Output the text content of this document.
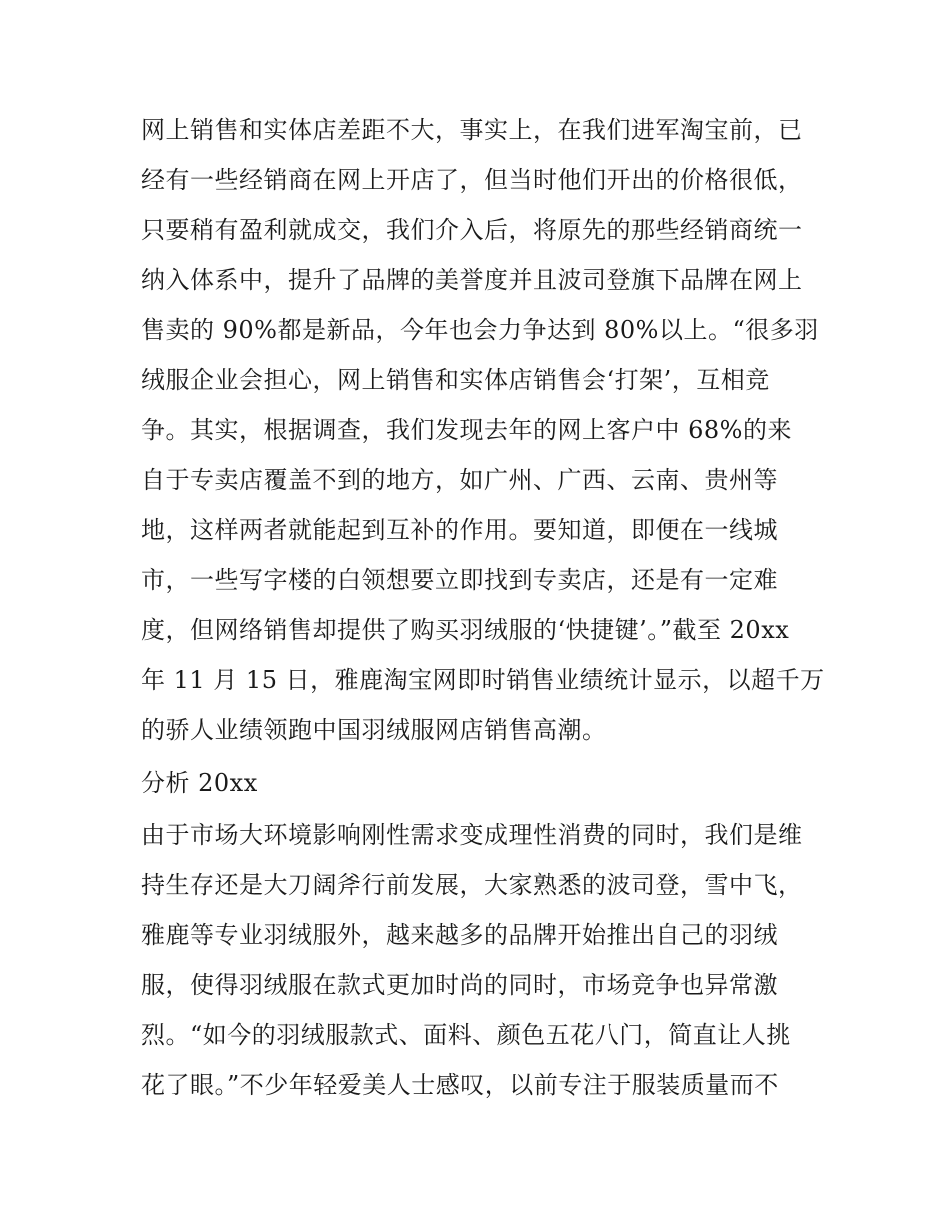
网上销售和实体店差距不大，事实上，在我们进军淘宝前，已

经有一些经销商在网上开店了，但当时他们开出的价格很低，

只要稍有盈利就成交，我们介入后，将原先的那些经销商统一

纳入体系中，提升了品牌的美誉度并且波司登旗下品牌在网上

售卖的 90%都是新品，今年也会力争达到 80%以上。“很多羽

绒服企业会担心，网上销售和实体店销售会‘打架’，互相竞

争。其实，根据调查，我们发现去年的网上客户中 68%的来

自于专卖店覆盖不到的地方，如广州、广西、云南、贵州等

地，这样两者就能起到互补的作用。要知道，即便在一线城

市，一些写字楼的白领想要立即找到专卖店，还是有一定难

度，但网络销售却提供了购买羽绒服的‘快捷键’。”截至 20xx

年 11 月 15 日，雅鹿淘宝网即时销售业绩统计显示，以超千万

的骄人业绩领跑中国羽绒服网店销售高潮。

分析 20xx

由于市场大环境影响刚性需求变成理性消费的同时，我们是维

持生存还是大刀阔斧行前发展，大家熟悉的波司登，雪中飞，

雅鹿等专业羽绒服外，越来越多的品牌开始推出自己的羽绒

服，使得羽绒服在款式更加时尚的同时，市场竞争也异常激

烈。“如今的羽绒服款式、面料、颜色五花八门，简直让人挑

花了眼。”不少年轻爱美人士感叹，以前专注于服装质量而不
